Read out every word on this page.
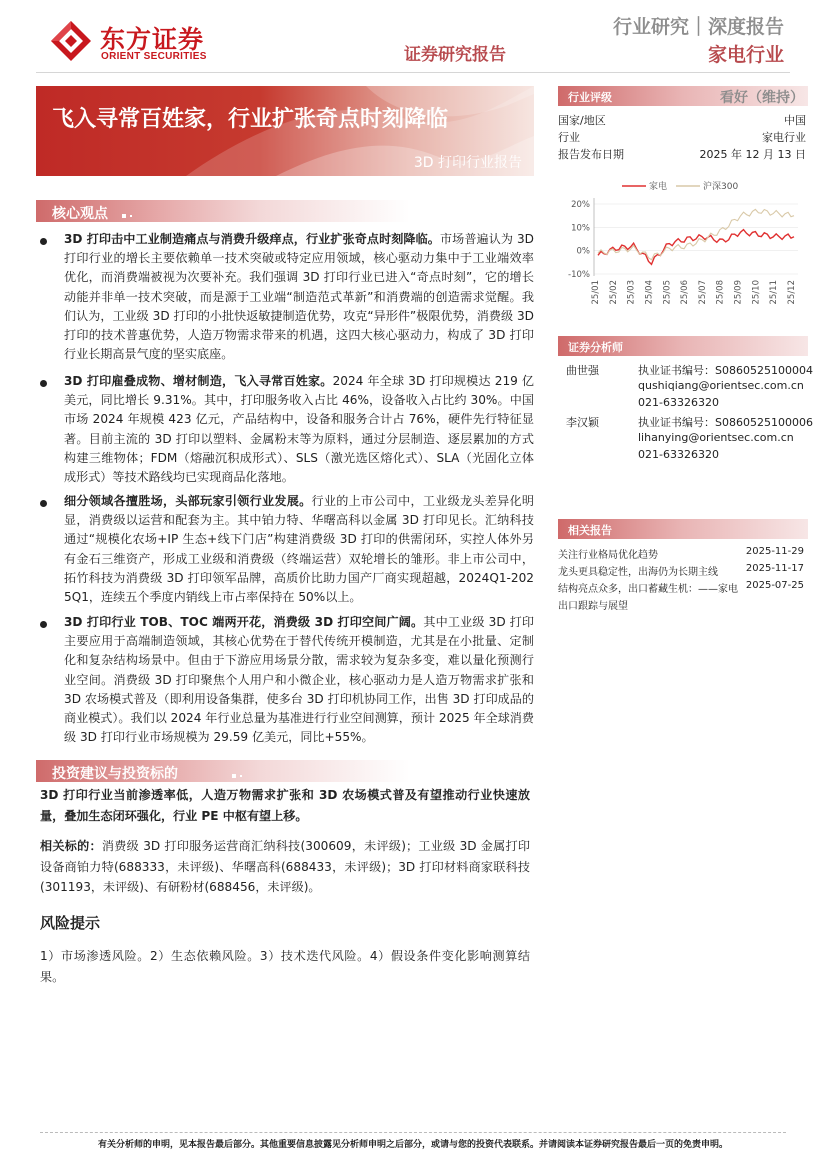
东方证券
ORIENT SECURITIES	证券研究报告
行业研究｜深度报告
家电行业
飞入寻常百姓家，行业扩张奇点时刻降临
3D 打印行业报告
行业评级	看好（维持）
国家/地区	中国
行业	家电行业
报告发布日期	2025 年 12 月 13 日
家电	沪深300
20%
10%
0%
-10%
25/01 25/02 25/03 25/04 25/05 25/06 25/07 25/08 25/09 25/10 25/11 25/12
证券分析师
曲世强	执业证书编号：S0860525100004
qushiqiang@orientsec.com.cn
021-63326320
李汉颖	执业证书编号：S0860525100006
lihanying@orientsec.com.cn
021-63326320
相关报告
关注行业格局优化趋势	2025-11-29
龙头更具稳定性，出海仍为长期主线	2025-11-17
结构亮点众多，出口蓄藏生机：——家电 2025-07-25
出口跟踪与展望
核心观点
3D 打印击中工业制造痛点与消费升级痒点，行业扩张奇点时刻降临。市场普遍认为 3D 打印行业的增长主要依赖单一技术突破或特定应用领域，核心驱动力集中于工业端效率优化，而消费端被视为次要补充。我们强调 3D 打印行业已进入“奇点时刻”，它的增长动能并非单一技术突破，而是源于工业端“制造范式革新”和消费端的创造需求觉醒。我们认为，工业级 3D 打印的小批快返敏捷制造优势，攻克“异形件”极限优势，消费级 3D 打印的技术普惠优势，人造万物需求带来的机遇，这四大核心驱动力，构成了 3D 打印行业长期高景气度的坚实底座。
3D 打印雇叠成物、增材制造，飞入寻常百姓家。2024 年全球 3D 打印规模达 219 亿美元，同比增长 9.31%。其中，打印服务收入占比 46%，设备收入占比约 30%。中国市场 2024 年规模 423 亿元，产品结构中，设备和服务合计占 76%，硬件先行特征显著。目前主流的 3D 打印以塑料、金属粉末等为原料，通过分层制造、逐层累加的方式构建三维物体；FDM（熔融沉积成形式）、SLS（激光选区熔化式）、SLA（光固化立体成形式）等技术路线均已实现商品化落地。
细分领域各擅胜场，头部玩家引领行业发展。行业的上市公司中，工业级龙头差异化明显，消费级以运营和配套为主。其中铂力特、华曙高科以金属 3D 打印见长。汇纳科技通过“规模化农场+IP 生态+线下门店”构建消费级 3D 打印的供需闭环，实控人体外另有金石三维资产，形成工业级和消费级（终端运营）双轮增长的雏形。非上市公司中，拓竹科技为消费级 3D 打印领军品牌，高质价比助力国产厂商实现超越，2024Q1-2025Q1，连续五个季度内销线上市占率保持在 50%以上。
3D 打印行业 TOB、TOC 端两开花，消费级 3D 打印空间广阔。其中工业级 3D 打印主要应用于高端制造领域，其核心优势在于替代传统开模制造，尤其是在小批量、定制化和复杂结构场景中。但由于下游应用场景分散，需求较为复杂多变，难以量化预测行业空间。消费级 3D 打印聚焦个人用户和小微企业，核心驱动力是人造万物需求扩张和 3D 农场模式普及（即利用设备集群，使多台 3D 打印机协同工作，出售 3D 打印成品的商业模式）。我们以 2024 年行业总量为基准进行行业空间测算，预计 2025 年全球消费级 3D 打印行业市场规模为 29.59 亿美元，同比+55%。
投资建议与投资标的
3D 打印行业当前渗透率低，人造万物需求扩张和 3D 农场模式普及有望推动行业快速放量，叠加生态闭环强化，行业 PE 中枢有望上移。
相关标的：消费级 3D 打印服务运营商汇纳科技(300609，未评级)；工业级 3D 金属打印设备商铂力特(688333，未评级)、华曙高科(688433，未评级)；3D 打印材料商家联科技(301193，未评级)、有研粉材(688456，未评级)。
风险提示
1）市场渗透风险。2）生态依赖风险。3）技术迭代风险。4）假设条件变化影响测算结果。
有关分析师的申明，见本报告最后部分。其他重要信息披露见分析师申明之后部分，或请与您的投资代表联系。并请阅读本证券研究报告最后一页的免责申明。
